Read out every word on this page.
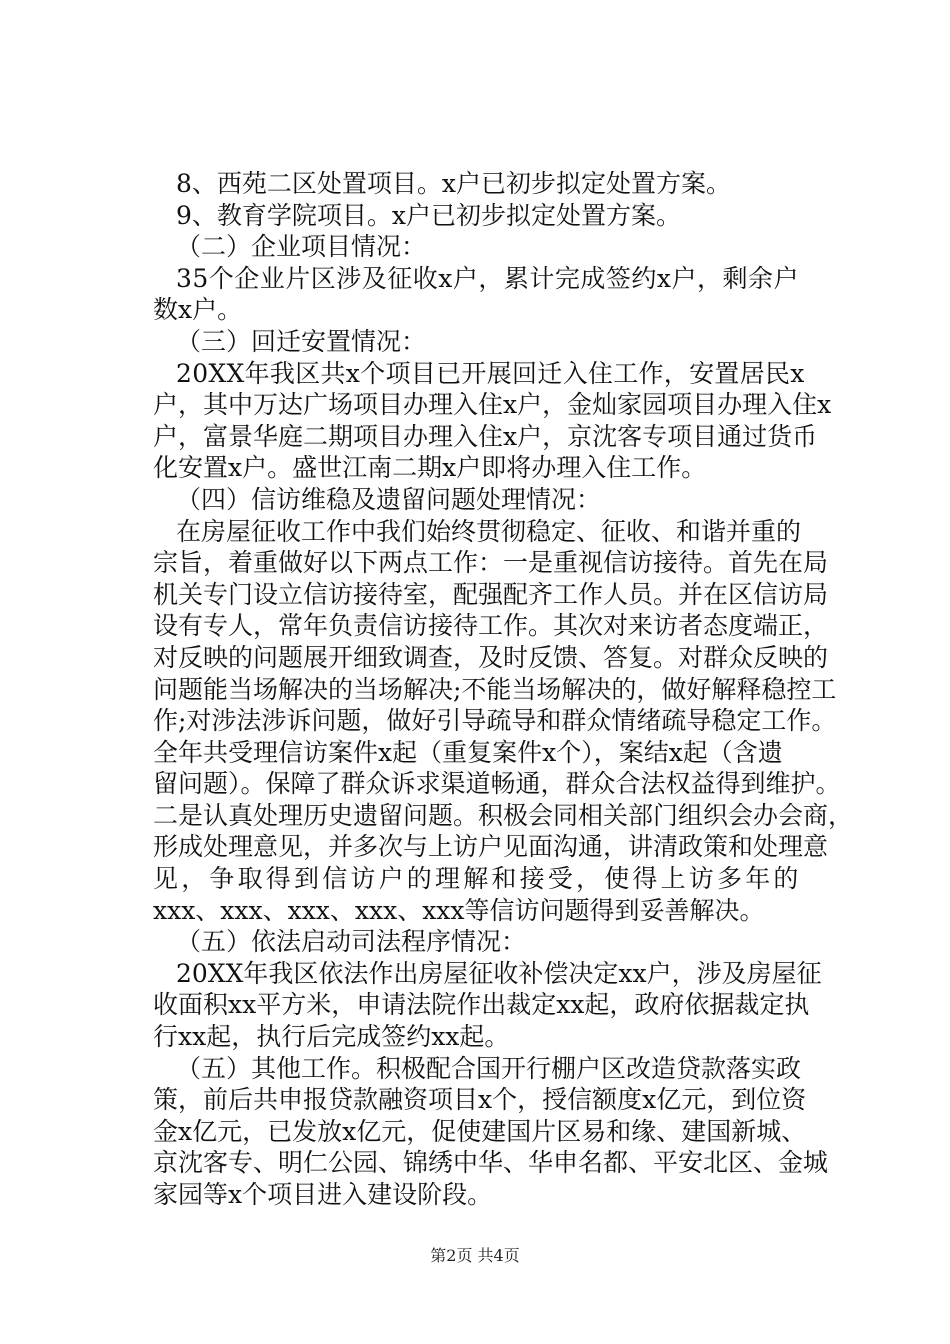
8、西苑二区处置项目。x户已初步拟定处置方案。

9、教育学院项目。x户已初步拟定处置方案。

（二）企业项目情况：

35个企业片区涉及征收x户，累计完成签约x户，剩余户

数x户。

（三）回迁安置情况：

20XX年我区共x个项目已开展回迁入住工作，安置居民x

户，其中万达广场项目办理入住x户，金灿家园项目办理入住x

户，富景华庭二期项目办理入住x户，京沈客专项目通过货币

化安置x户。盛世江南二期x户即将办理入住工作。

（四）信访维稳及遗留问题处理情况：

在房屋征收工作中我们始终贯彻稳定、征收、和谐并重的

宗旨，着重做好以下两点工作：一是重视信访接待。首先在局

机关专门设立信访接待室，配强配齐工作人员。并在区信访局

设有专人，常年负责信访接待工作。其次对来访者态度端正，

对反映的问题展开细致调查，及时反馈、答复。对群众反映的

问题能当场解决的当场解决;不能当场解决的，做好解释稳控工

作;对涉法涉诉问题，做好引导疏导和群众情绪疏导稳定工作。

全年共受理信访案件x起（重复案件x个），案结x起（含遗

留问题）。保障了群众诉求渠道畅通，群众合法权益得到维护。

二是认真处理历史遗留问题。积极会同相关部门组织会办会商，

形成处理意见，并多次与上访户见面沟通，讲清政策和处理意

见，争取得到信访户的理解和接受，使得上访多年的

xxx、xxx、xxx、xxx、xxx等信访问题得到妥善解决。

（五）依法启动司法程序情况：

20XX年我区依法作出房屋征收补偿决定xx户，涉及房屋征

收面积xx平方米，申请法院作出裁定xx起，政府依据裁定执

行xx起，执行后完成签约xx起。

（五）其他工作。积极配合国开行棚户区改造贷款落实政

策，前后共申报贷款融资项目x个，授信额度x亿元，到位资

金x亿元，已发放x亿元，促使建国片区易和缘、建国新城、

京沈客专、明仁公园、锦绣中华、华申名都、平安北区、金城

家园等x个项目进入建设阶段。

第2页 共4页
